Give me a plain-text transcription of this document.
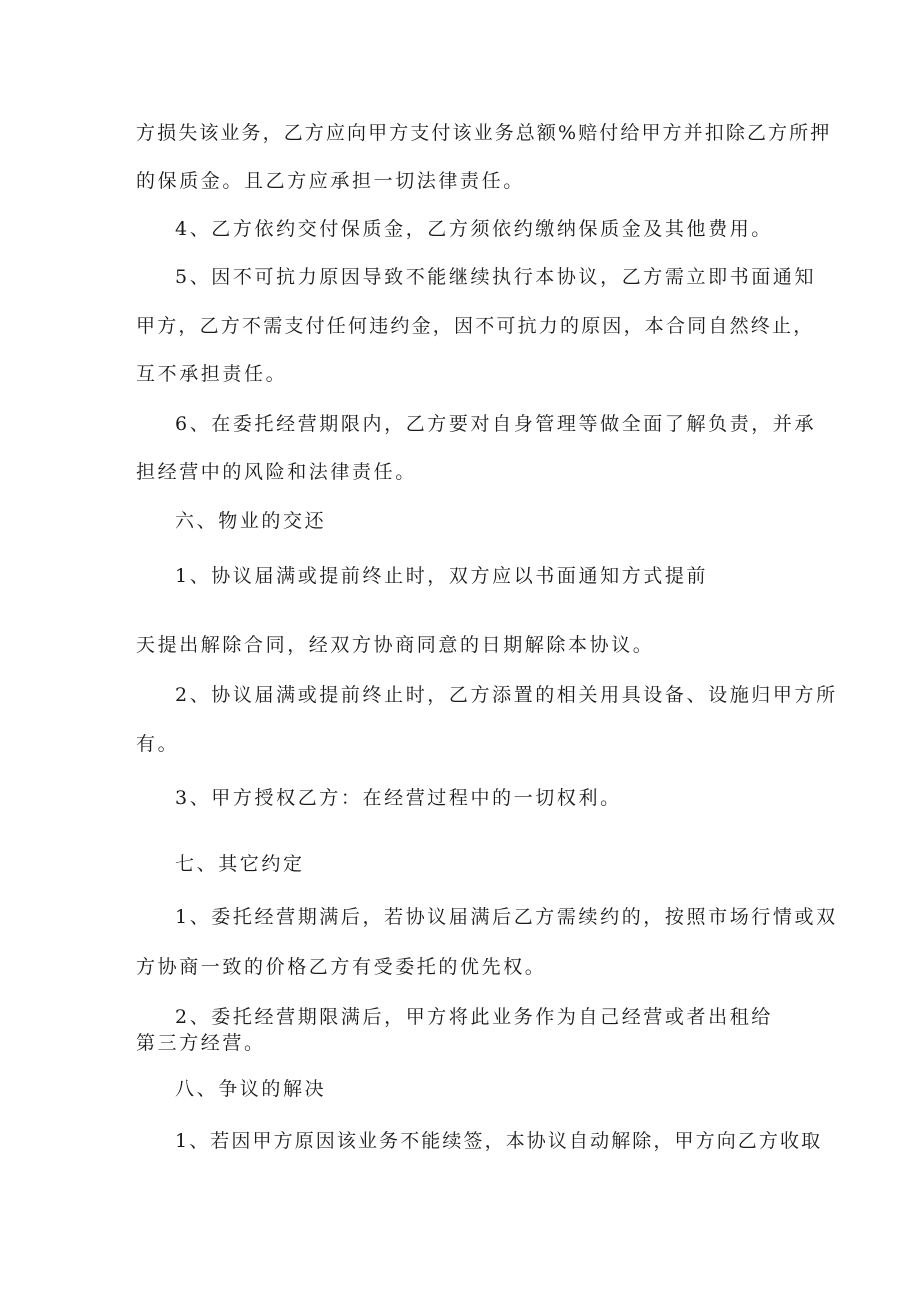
方损失该业务，乙方应向甲方支付该业务总额%赔付给甲方并扣除乙方所押
的保质金。且乙方应承担一切法律责任。
4、乙方依约交付保质金，乙方须依约缴纳保质金及其他费用。
5、因不可抗力原因导致不能继续执行本协议，乙方需立即书面通知
甲方，乙方不需支付任何违约金，因不可抗力的原因，本合同自然终止，
互不承担责任。
6、在委托经营期限内，乙方要对自身管理等做全面了解负责，并承
担经营中的风险和法律责任。
六、物业的交还
1、协议届满或提前终止时，双方应以书面通知方式提前
天提出解除合同，经双方协商同意的日期解除本协议。
2、协议届满或提前终止时，乙方添置的相关用具设备、设施归甲方所
有。
3、甲方授权乙方：在经营过程中的一切权利。
七、其它约定
1、委托经营期满后，若协议届满后乙方需续约的，按照市场行情或双
方协商一致的价格乙方有受委托的优先权。
2、委托经营期限满后，甲方将此业务作为自己经营或者出租给
第三方经营。
八、争议的解决
1、若因甲方原因该业务不能续签，本协议自动解除，甲方向乙方收取
